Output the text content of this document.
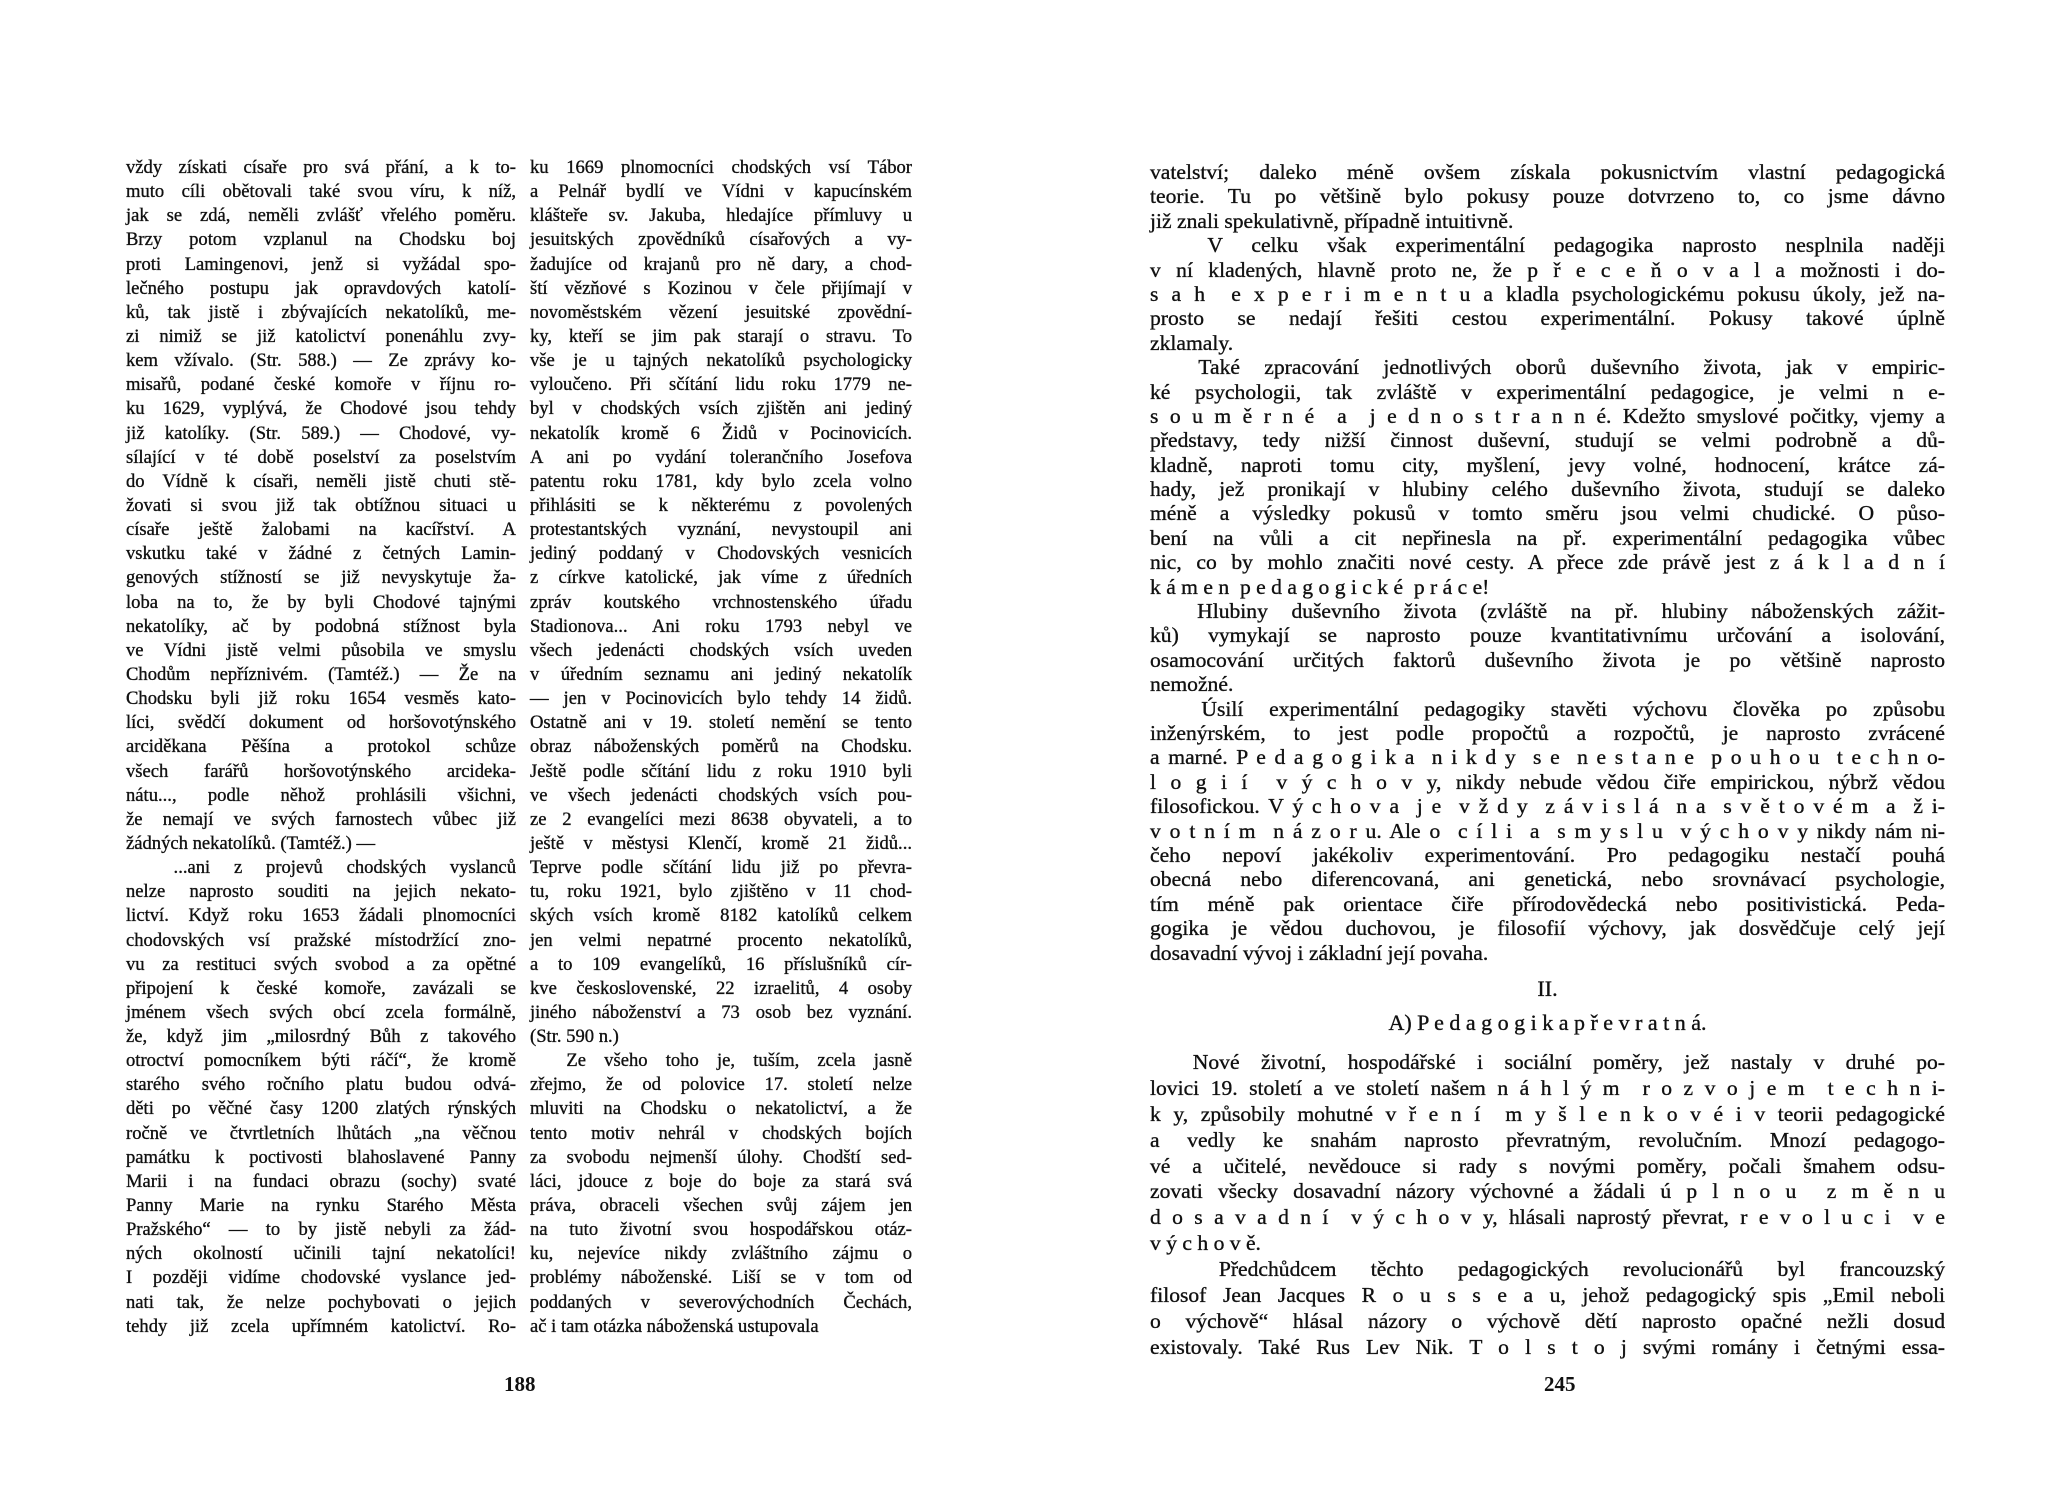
vždy získati císaře pro svá přání, a k to-
muto cíli obětovali také svou víru, k níž,
jak se zdá, neměli zvlášť vřelého poměru.
Brzy potom vzplanul na Chodsku boj
proti Lamingenovi, jenž si vyžádal spo-
lečného postupu jak opravdových katolí-
ků, tak jistě i zbývajících nekatolíků, me-
zi nimiž se již katolictví ponenáhlu zvy-
kem vžívalo. (Str. 588.) — Ze zprávy ko-
misařů, podané české komoře v říjnu ro-
ku 1629, vyplývá, že Chodové jsou tehdy
již katolíky. (Str. 589.) — Chodové, vy-
sílající v té době poselství za poselstvím
do Vídně k císaři, neměli jistě chuti stě-
žovati si svou již tak obtížnou situaci u
císaře ještě žalobami na kacířství. A
vskutku také v žádné z četných Lamin-
genových stížností se již nevyskytuje ža-
loba na to, že by byli Chodové tajnými
nekatolíky, ač by podobná stížnost byla
ve Vídni jistě velmi působila ve smyslu
Chodům nepříznivém. (Tamtéž.) — Že na
Chodsku byli již roku 1654 vesměs kato-
líci, svědčí dokument od horšovotýnského
arciděkana Pěšína a protokol schůze
všech farářů horšovotýnského arcideka-
nátu..., podle něhož prohlásili všichni,
že nemají ve svých farnostech vůbec již
žádných nekatolíků. (Tamtéž.) —
...ani z projevů chodských vyslanců
nelze naprosto souditi na jejich nekato-
lictví. Když roku 1653 žádali plnomocníci
chodovských vsí pražské místodržící zno-
vu za restituci svých svobod a za opětné
připojení k české komoře, zavázali se
jménem všech svých obcí zcela formálně,
že, když jim „milosrdný Bůh z takového
otroctví pomocníkem býti ráčí“, že kromě
starého svého ročního platu budou odvá-
děti po věčné časy 1200 zlatých rýnských
ročně ve čtvrtletních lhůtách „na věčnou
památku k poctivosti blahoslavené Panny
Marii i na fundaci obrazu (sochy) svaté
Panny Marie na rynku Starého Města
Pražského“ — to by jistě nebyli za žád-
ných okolností učinili tajní nekatolíci!
I později vidíme chodovské vyslance jed-
nati tak, že nelze pochybovati o jejich
tehdy již zcela upřímném katolictví. Ro-
ku 1669 plnomocníci chodských vsí Tábor
a Pelnář bydlí ve Vídni v kapucínském
klášteře sv. Jakuba, hledajíce přímluvy u
jesuitských zpovědníků císařových a vy-
žadujíce od krajanů pro ně dary, a chod-
ští vězňové s Kozinou v čele přijímají v
novoměstském vězení jesuitské zpovědní-
ky, kteří se jim pak starají o stravu. To
vše je u tajných nekatolíků psychologicky
vyloučeno. Při sčítání lidu roku 1779 ne-
byl v chodských vsích zjištěn ani jediný
nekatolík kromě 6 Židů v Pocinovicích.
A ani po vydání tolerančního Josefova
patentu roku 1781, kdy bylo zcela volno
přihlásiti se k některému z povolených
protestantských vyznání, nevystoupil ani
jediný poddaný v Chodovských vesnicích
z církve katolické, jak víme z úředních
zpráv koutského vrchnostenského úřadu
Stadionova... Ani roku 1793 nebyl ve
všech jedenácti chodských vsích uveden
v úředním seznamu ani jediný nekatolík
— jen v Pocinovicích bylo tehdy 14 židů.
Ostatně ani v 19. století nemění se tento
obraz náboženských poměrů na Chodsku.
Ještě podle sčítání lidu z roku 1910 byli
ve všech jedenácti chodských vsích pou-
ze 2 evangelíci mezi 8638 obyvateli, a to
ještě v městysi Klenčí, kromě 21 židů...
Teprve podle sčítání lidu již po převra-
tu, roku 1921, bylo zjištěno v 11 chod-
ských vsích kromě 8182 katolíků celkem
jen velmi nepatrné procento nekatolíků,
a to 109 evangelíků, 16 příslušníků cír-
kve československé, 22 izraelitů, 4 osoby
jiného náboženství a 73 osob bez vyznání.
(Str. 590 n.)
Ze všeho toho je, tuším, zcela jasně
zřejmo, že od polovice 17. století nelze
mluviti na Chodsku o nekatolictví, a že
tento motiv nehrál v chodských bojích
za svobodu nejmenší úlohy. Chodští sed-
láci, jdouce z boje do boje za stará svá
práva, obraceli všechen svůj zájem jen
na tuto životní svou hospodářskou otáz-
ku, nejevíce nikdy zvláštního zájmu o
problémy náboženské. Liší se v tom od
poddaných v severovýchodních Čechách,
ač i tam otázka náboženská ustupovala
188
vatelství; daleko méně ovšem získala pokusnictvím vlastní pedagogická
teorie. Tu po většině bylo pokusy pouze dotvrzeno to, co jsme dávno
již znali spekulativně, případně intuitivně.
V celku však experimentální pedagogika naprosto nesplnila naději
v ní kladených, hlavně proto ne, že p ř e c e ň o v a l a možnosti i do-
s a h  e x p e r i m e n t u a kladla psychologickému pokusu úkoly, jež na-
prosto se nedají řešiti cestou experimentální. Pokusy takové úplně
zklamaly.
Také zpracování jednotlivých oborů duševního života, jak v empiric-
ké psychologii, tak zvláště v experimentální pedagogice, je velmi n e-
s o u m ě r n é  a  j e d n o s t r a n n é. Kdežto smyslové počitky, vjemy a
představy, tedy nižší činnost duševní, studují se velmi podrobně a dů-
kladně, naproti tomu city, myšlení, jevy volné, hodnocení, krátce zá-
hady, jež pronikají v hlubiny celého duševního života, studují se daleko
méně a výsledky pokusů v tomto směru jsou velmi chudické. O půso-
bení na vůli a cit nepřinesla na př. experimentální pedagogika vůbec
nic, co by mohlo značiti nové cesty. A přece zde právě jest z á k l a d n í
k á m e n  p e d a g o g i c k é  p r á c e!
Hlubiny duševního života (zvláště na př. hlubiny náboženských zážit-
ků) vymykají se naprosto pouze kvantitativnímu určování a isolování,
osamocování určitých faktorů duševního života je po většině naprosto
nemožné.
Úsilí experimentální pedagogiky stavěti výchovu člověka po způsobu
inženýrském, to jest podle propočtů a rozpočtů, je naprosto zvrácené
a marné. P e d a g o g i k a  n i k d y  s e  n e s t a n e  p o u h o u  t e c h n o-
l o g i í  v ý c h o v y, nikdy nebude vědou čiře empirickou, nýbrž vědou
filosofickou. V ý c h o v a  j e  v ž d y  z á v i s l á  n a  s v ě t o v é m  a  ž i-
v o t n í m  n á z o r u. Ale o  c í l i  a  s m y s l u  v ý c h o v y nikdy nám ni-
čeho nepoví jakékoliv experimentování. Pro pedagogiku nestačí pouhá
obecná nebo diferencovaná, ani genetická, nebo srovnávací psychologie,
tím méně pak orientace čiře přírodovědecká nebo positivistická. Peda-
gogika je vědou duchovou, je filosofií výchovy, jak dosvědčuje celý její
dosavadní vývoj i základní její povaha.
II.
A) P e d a g o g i k a p ř e v r a t n á.
Nové životní, hospodářské i sociální poměry, jež nastaly v druhé po-
lovici 19. století a ve století našem n á h l ý m  r o z v o j e m  t e c h n i-
k y, způsobily mohutné v ř e n í  m y š l e n k o v é i v teorii pedagogické
a vedly ke snahám naprosto převratným, revolučním. Mnozí pedagogo-
vé a učitelé, nevědouce si rady s novými poměry, počali šmahem odsu-
zovati všecky dosavadní názory výchovné a žádali ú p l n o u  z m ě n u
d o s a v a d n í  v ý c h o v y, hlásali naprostý převrat, r e v o l u c i  v e
v ý c h o v ě.
Předchůdcem těchto pedagogických revolucionářů byl francouzský
filosof Jean Jacques R o u s s e a u, jehož pedagogický spis „Emil neboli
o výchově“ hlásal názory o výchově dětí naprosto opačné nežli dosud
existovaly. Také Rus Lev Nik. T o l s t o j svými romány i četnými essa-
245
